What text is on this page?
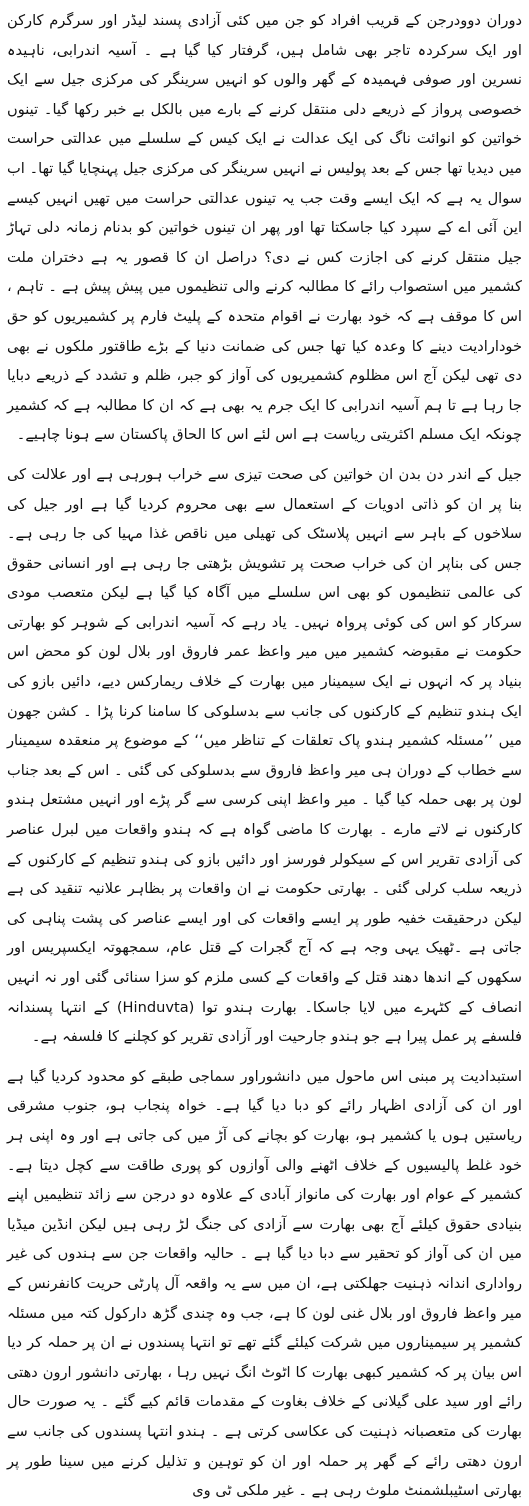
دوران دوودرجن کے قریب افراد کو جن میں کئی آزادی پسند لیڈر اور سرگرم کارکن اور ایک سرکردہ تاجر بھی شامل ہیں، گرفتار کیا گیا ہے ۔ آسیہ اندرابی، ناہیدہ نسرین اور صوفی فہمیدہ کے گھر والوں کو انہیں سرینگر کی مرکزی جیل سے ایک خصوصی پرواز کے ذریعے دلی منتقل کرنے کے بارے میں بالکل بے خبر رکھا گیا۔ تینوں خواتین کو انوائت ناگ کی ایک عدالت نے ایک کیس کے سلسلے میں عدالتی حراست میں دیدیا تھا جس کے بعد پولیس نے انہیں سرینگر کی مرکزی جیل پہنچایا گیا تھا۔ اب سوال یہ ہے کہ ایک ایسے وقت جب یہ تینوں عدالتی حراست میں تھیں انہیں کیسے این آئی اے کے سپرد کیا جاسکتا تھا اور پھر ان تینوں خواتین کو بدنام زمانہ دلی تہاڑ جیل منتقل کرنے کی اجازت کس نے دی؟ دراصل ان کا قصور یہ ہے دختران ملت کشمیر میں استصواب رائے کا مطالبہ کرنے والی تنظیموں میں پیش پیش ہے ۔ تاہم ، اس کا موقف ہے کہ خود بھارت نے اقوام متحدہ کے پلیٹ فارم پر کشمیریوں کو حق خودارادیت دینے کا وعدہ کیا تھا جس کی ضمانت دنیا کے بڑے طاقتور ملکوں نے بھی دی تھی لیکن آج اس مظلوم کشمیریوں کی آواز کو جبر، ظلم و تشدد کے ذریعے دبایا جا رہا ہے تا ہم آسیہ اندرابی کا ایک جرم یہ بھی ہے کہ ان کا مطالبہ ہے کہ کشمیر چونکہ ایک مسلم اکثریتی ریاست ہے اس لئے اس کا الحاق پاکستان سے ہونا چاہیے۔

جیل کے اندر دن بدن ان خواتین کی صحت تیزی سے خراب ہورہی ہے اور علالت کی بنا پر ان کو ذاتی ادویات کے استعمال سے بھی محروم کردیا گیا ہے اور جیل کی سلاخوں کے باہر سے انہیں پلاسٹک کی تھیلی میں ناقص غذا مہیا کی جا رہی ہے۔ جس کی بناپر ان کی خراب صحت پر تشویش بڑھتی جا رہی ہے اور انسانی حقوق کی عالمی تنظیموں کو بھی اس سلسلے میں آگاہ کیا گیا ہے لیکن متعصب مودی سرکار کو اس کی کوئی پرواہ نہیں۔ یاد رہے کہ آسیہ اندرابی کے شوہر کو بھارتی حکومت نے مقبوضہ کشمیر میں میر واعظ عمر فاروق اور بلال لون کو محض اس بنیاد پر کہ انہوں نے ایک سیمینار میں بھارت کے خلاف ریمارکس دیے، دائیں بازو کی ایک ہندو تنظیم کے کارکنوں کی جانب سے بدسلوکی کا سامنا کرنا پڑا ۔ کشن جھون میں ’’مسئلہ کشمیر ہندو پاک تعلقات کے تناظر میں‘‘ کے موضوع پر منعقدہ سیمینار سے خطاب کے دوران ہی میر واعظ فاروق سے بدسلوکی کی گئی ۔ اس کے بعد جناب لون پر بھی حملہ کیا گیا ۔ میر واعظ اپنی کرسی سے گر پڑے اور انہیں مشتعل ہندو کارکنوں نے لاتے مارے ۔ بھارت کا ماضی گواہ ہے کہ ہندو واقعات میں لبرل عناصر کی آزادی تقریر اس کے سیکولر فورسز اور دائیں بازو کی ہندو تنظیم کے کارکنوں کے ذریعہ سلب کرلی گئی ۔ بھارتی حکومت نے ان واقعات پر بظاہر علانیہ تنقید کی ہے لیکن درحقیقت خفیہ طور پر ایسے واقعات کی اور ایسے عناصر کی پشت پناہی کی جاتی ہے ۔ٹھیک یہی وجہ ہے کہ آج گجرات کے قتل عام، سمجھوتہ ایکسپریس اور سکھوں کے اندھا دھند قتل کے واقعات کے کسی ملزم کو سزا سنائی گئی اور نہ انہیں انصاف کے کٹہرے میں لایا جاسکا۔ بھارت ہندو توا (Hinduvta) کے انتہا پسندانہ فلسفے پر عمل پیرا ہے جو ہندو جارحیت اور آزادی تقریر کو کچلنے کا فلسفہ ہے۔

استبدادیت پر مبنی اس ماحول میں دانشوراور سماجی طبقے کو محدود کردیا گیا ہے اور ان کی آزادی اظہار رائے کو دبا دیا گیا ہے۔ خواہ پنجاب ہو، جنوب مشرقی ریاستیں ہوں یا کشمیر ہو، بھارت کو بچانے کی آڑ میں کی جاتی ہے اور وہ اپنی ہر خود غلط پالیسیوں کے خلاف اٹھنے والی آوازوں کو پوری طاقت سے کچل دیتا ہے۔ کشمیر کے عوام اور بھارت کی مانواز آبادی کے علاوہ دو درجن سے زائد تنظیمیں اپنے بنیادی حقوق کیلئے آج بھی بھارت سے آزادی کی جنگ لڑ رہی ہیں لیکن انڈین میڈیا میں ان کی آواز کو تحقیر سے دبا دیا گیا ہے ۔ حالیہ واقعات جن سے ہندوں کی غیر رواداری اندانہ ذہنیت جھلکتی ہے، ان میں سے یہ واقعہ آل پارٹی حریت کانفرنس کے میر واعظ فاروق اور بلال غنی لون کا ہے، جب وہ چندی گڑھ دارکول کتہ میں مسئلہ کشمیر پر سیمیناروں میں شرکت کیلئے گئے تھے تو انتہا پسندوں نے ان پر حملہ کر دیا اس بیان پر کہ کشمیر کبھی بھارت کا اٹوٹ انگ نہیں رہا ، بھارتی دانشور ارون دھتی رائے اور سید علی گیلانی کے خلاف بغاوت کے مقدمات قائم کیے گئے ۔ یہ صورت حال بھارت کی متعصبانہ ذہنیت کی عکاسی کرتی ہے ۔ ہندو انتہا پسندوں کی جانب سے ارون دھتی رائے کے گھر پر حملہ اور ان کو توہین و تذلیل کرنے میں سینا طور پر بھارتی اسٹیبلشمنٹ ملوث رہی ہے ۔ غیر ملکی ٹی وی
